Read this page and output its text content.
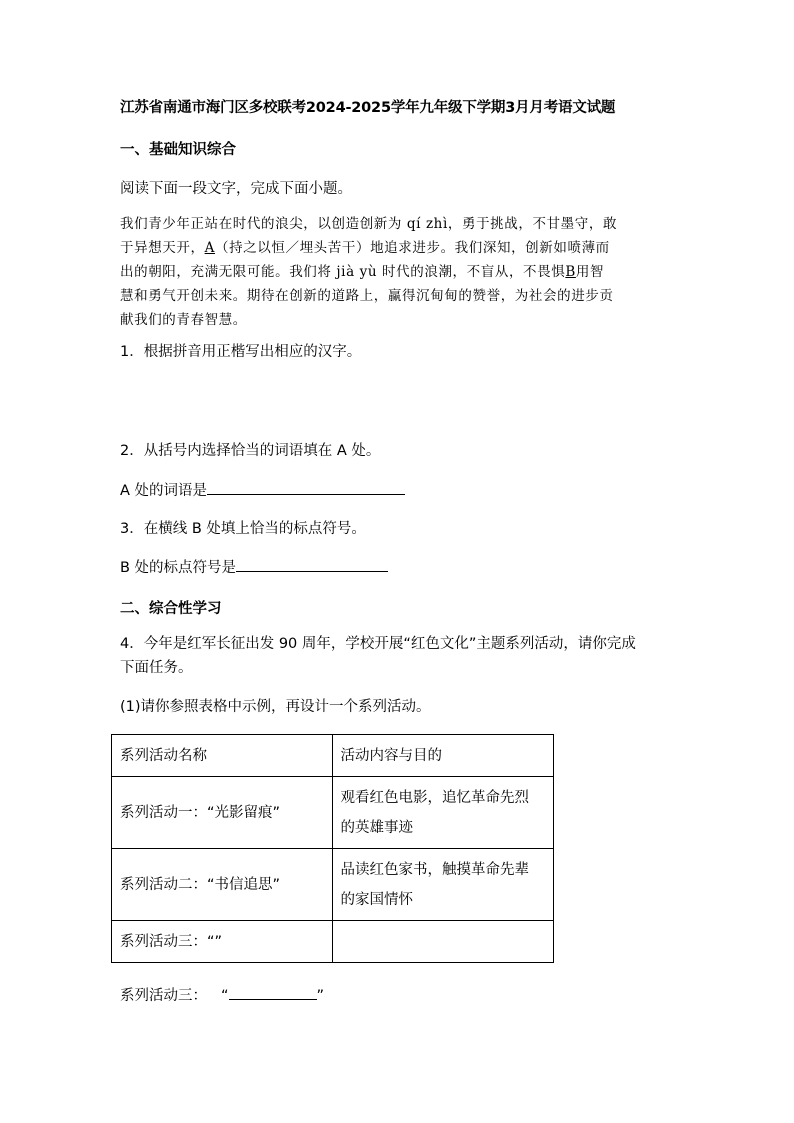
江苏省南通市海门区多校联考2024-2025学年九年级下学期3月月考语文试题
一、基础知识综合
阅读下面一段文字，完成下面小题。
我们青少年正站在时代的浪尖，以创造创新为 qí zhì，勇于挑战，不甘墨守，敢
于异想天开，A（持之以恒／埋头苦干）地追求进步。我们深知，创新如喷薄而
出的朝阳，充满无限可能。我们将 jià yù 时代的浪潮，不盲从，不畏惧B用智
慧和勇气开创未来。期待在创新的道路上，赢得沉甸甸的赞誉，为社会的进步贡
献我们的青春智慧。
1．根据拼音用正楷写出相应的汉字。
2．从括号内选择恰当的词语填在 A 处。
A 处的词语是
3．在横线 B 处填上恰当的标点符号。
B 处的标点符号是
二、综合性学习
4．今年是红军长征出发 90 周年，学校开展“红色文化”主题系列活动，请你完成
下面任务。
(1)请你参照表格中示例，再设计一个系列活动。
系列活动名称	活动内容与目的
系列活动一：“光影留痕”	观看红色电影，追忆革命先烈
的英雄事迹

系列活动二：“书信追思”	品读红色家书，触摸革命先辈
的家国情怀

系列活动三：“”	
系列活动三： “	”
